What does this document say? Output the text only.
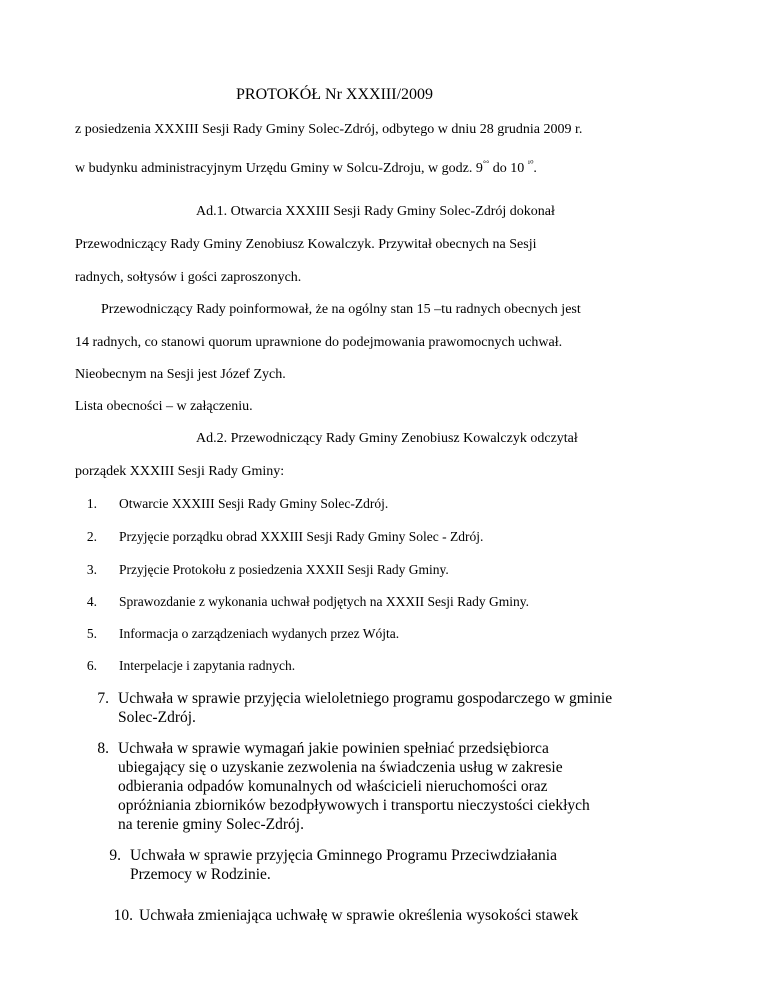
PROTOKÓŁ Nr XXXIII/2009
z posiedzenia XXXIII Sesji Rady Gminy Solec-Zdrój, odbytego w dniu 28 grudnia 2009 r.
w budynku administracyjnym Urzędu Gminy w Solcu-Zdroju, w godz. 9°° do 10 $^{^{10}}$.
Ad.1. Otwarcia XXXIII Sesji Rady Gminy Solec-Zdrój dokonał
Przewodniczący Rady Gminy Zenobiusz Kowalczyk. Przywitał obecnych na Sesji
radnych, sołtysów i gości zaproszonych.
Przewodniczący Rady poinformował, że na ogólny stan 15 –tu radnych obecnych jest
14 radnych, co stanowi quorum uprawnione do podejmowania prawomocnych uchwał.
Nieobecnym na Sesji jest Józef Zych.
Lista obecności – w załączeniu.
Ad.2. Przewodniczący Rady Gminy Zenobiusz Kowalczyk odczytał
porządek XXXIII Sesji Rady Gminy:
1. Otwarcie XXXIII Sesji Rady Gminy Solec-Zdrój.
2. Przyjęcie porządku obrad XXXIII Sesji Rady Gminy Solec - Zdrój.
3. Przyjęcie Protokołu z posiedzenia XXXII Sesji Rady Gminy.
4. Sprawozdanie z wykonania uchwał podjętych na XXXII Sesji Rady Gminy.
5. Informacja o zarządzeniach wydanych przez Wójta.
6. Interpelacje i zapytania radnych.
7. Uchwała w sprawie przyjęcia wieloletniego programu gospodarczego w gminie
Solec-Zdrój.
8. Uchwała w sprawie wymagań jakie powinien spełniać przedsiębiorca
ubiegający się o uzyskanie zezwolenia na świadczenia usług w zakresie
odbierania odpadów komunalnych od właścicieli nieruchomości oraz
opróżniania zbiorników bezodpływowych i transportu nieczystości ciekłych
na terenie gminy Solec-Zdrój.
9. Uchwała w sprawie przyjęcia Gminnego Programu Przeciwdziałania
Przemocy w Rodzinie.
10. Uchwała zmieniająca uchwałę w sprawie określenia wysokości stawek
